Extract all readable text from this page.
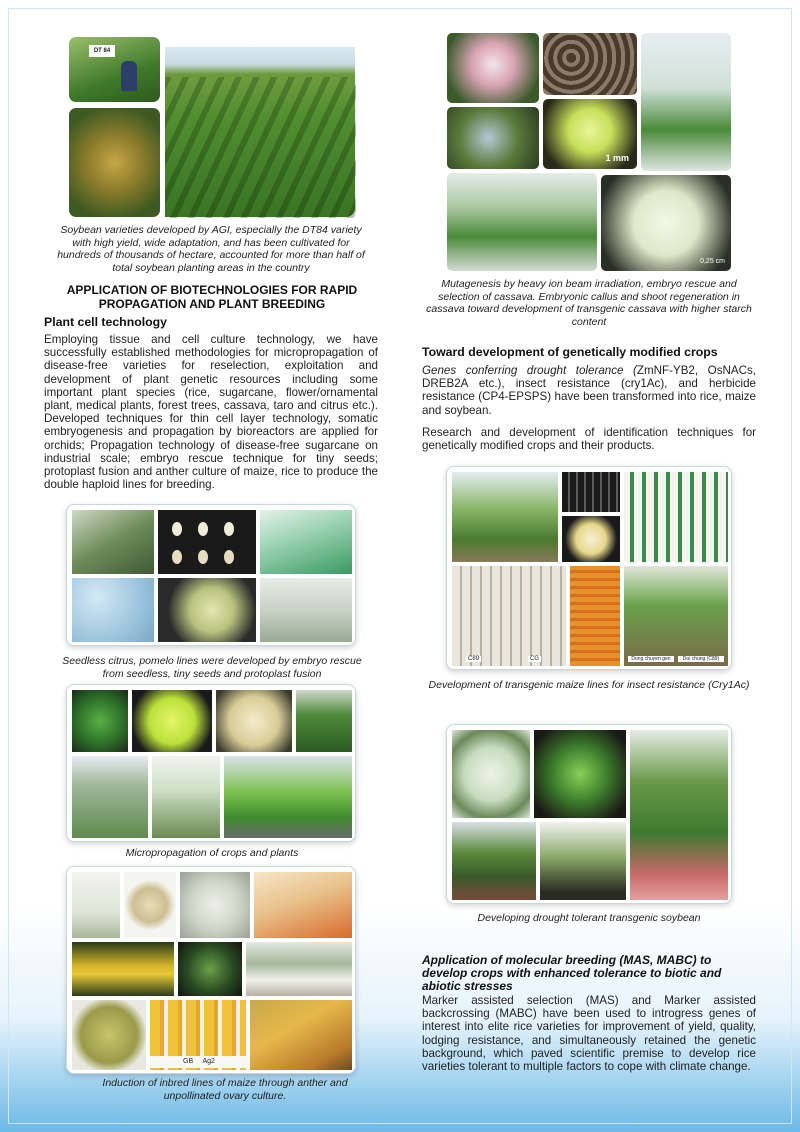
DT 84
Soybean varieties developed by AGI, especially the DT84 variety with high yield, wide adaptation, and has been cultivated for hundreds of thousands of hectare, accounted for more than half of total soybean planting areas in the country
APPLICATION OF BIOTECHNOLOGIES FOR RAPID PROPAGATION AND PLANT BREEDING
Plant cell technology
Employing tissue and cell culture technology, we have successfully established methodologies for micropropagation of disease-free varieties for reselection, exploitation and development of plant genetic resources including some important plant species (rice, sugarcane, flower/ornamental plant, medical plants, forest trees, cassava, taro and citrus etc.). Developed techniques for thin cell layer technology, somatic embryogenesis and propagation by bioreactors are applied for orchids; Propagation technology of disease-free sugarcane on industrial scale; embryo rescue technique for tiny seeds; protoplast fusion and anther culture of maize, rice to produce the double haploid lines for breeding.
Seedless citrus, pomelo lines were developed by embryo rescue from seedless, tiny seeds and protoplast fusion
Micropropagation of crops and plants
GB Ag2
Induction of inbred lines of maize through anther and unpollinated ovary culture.
1 mm
0,25 cm
Mutagenesis by heavy ion beam irradiation, embryo rescue and selection of cassava. Embryonic callus and shoot regeneration in cassava toward development of transgenic cassava with higher starch content
Toward development of genetically modified crops
Genes conferring drought tolerance (ZmNF-YB2, OsNACs, DREB2A etc.), insect resistance (cry1Ac), and herbicide resistance (CP4-EPSPS) have been transformed into rice, maize and soybean.
Research and development of identification techniques for genetically modified crops and their products.
C89	CG	Dong chuyen gen	Doi chung (C89)
Development of transgenic maize lines for insect resistance (Cry1Ac)
Developing drought tolerant transgenic soybean
Application of molecular breeding (MAS, MABC) to develop crops with enhanced tolerance to biotic and abiotic stresses
Marker assisted selection (MAS) and Marker assisted backcrossing (MABC) have been used to introgress genes of interest into elite rice varieties for improvement of yield, quality, lodging resistance, and simultaneously retained the genetic background, which paved scientific premise to develop rice varieties tolerant to multiple factors to cope with climate change.
